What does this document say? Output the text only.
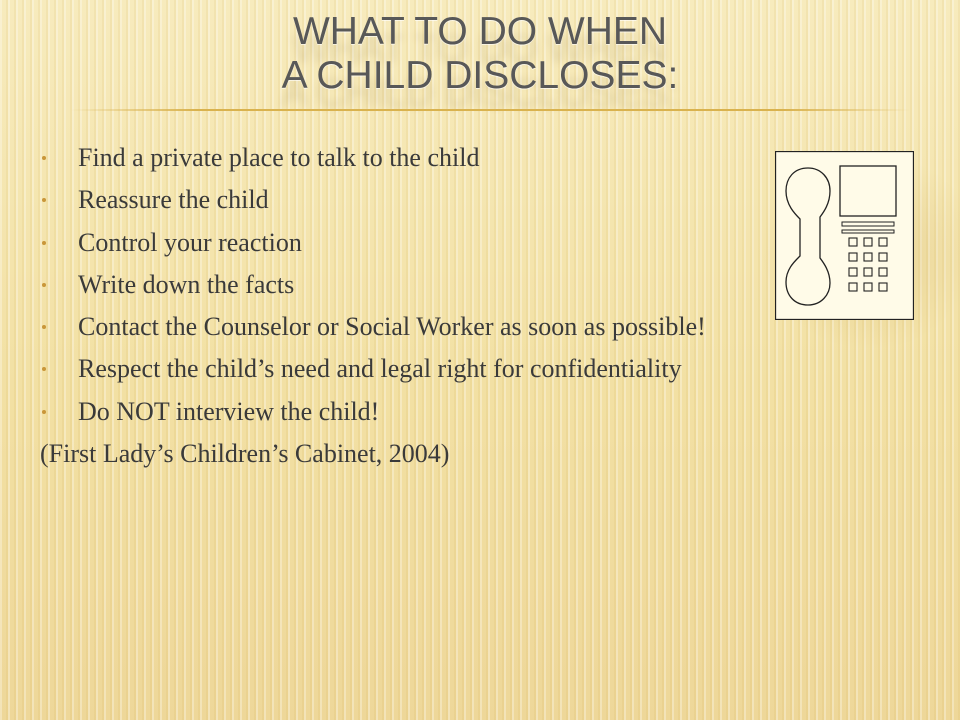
WHAT TO DO WHEN
A CHILD DISCLOSES:
Find a private place to talk to the child
Reassure the child
Control your reaction
Write down the facts
Contact the Counselor or Social Worker as soon as possible!
Respect the child’s need and legal right for confidentiality
Do NOT interview the child!
(First Lady’s Children’s Cabinet, 2004)
